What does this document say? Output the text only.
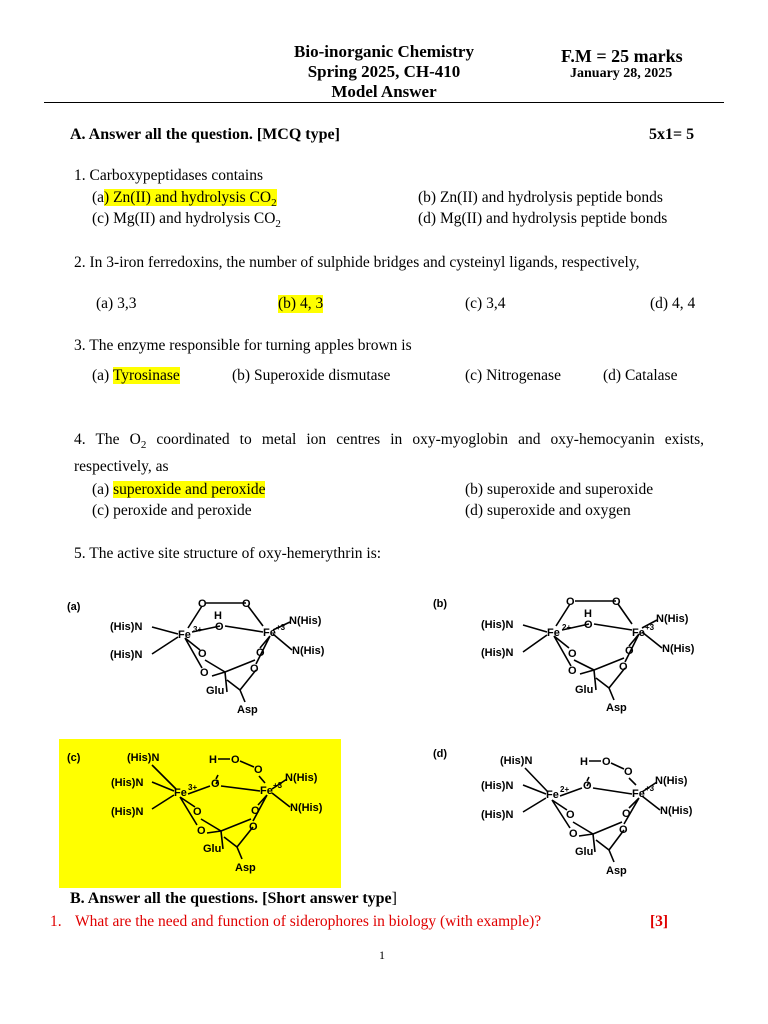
Bio-inorganic Chemistry
Spring 2025, CH-410
Model Answer
F.M = 25 marks
January 28, 2025
A. Answer all the question. [MCQ type]	5x1= 5
1. Carboxypeptidases contains
(a) Zn(II) and hydrolysis $CO_2$	(b) Zn(II) and hydrolysis peptide bonds
(c) Mg(II) and hydrolysis $CO_2$	(d) Mg(II) and hydrolysis peptide bonds
2. In 3-iron ferredoxins, the number of sulphide bridges and cysteinyl ligands, respectively,
(a) 3,3	(b) 4, 3	(c) 3,4	(d) 4, 4
3. The enzyme responsible for turning apples brown is
(a) Tyrosinase	(b) Superoxide dismutase	(c) Nitrogenase	(d) Catalase
4. The $O_2$ coordinated to metal ion centres in oxy-myoglobin and oxy-hemocyanin exists, respectively, as
(a) superoxide and peroxide	(b) superoxide and superoxide
(c) peroxide and peroxide	(d) superoxide and oxygen
5. The active site structure of oxy-hemerythrin is:
(a)
(His)N
(His)N
Fe 3+	Fe +3
O	O
H
O	N(His)
N(His)
O	O
O	O
Glu
Asp
(b)
(His)N
(His)N
Fe 2+	Fe +3
O	O
H
O	N(His)
N(His)
O	O
O	O
Glu
Asp
(c)	(His)N
(His)N
(His)N
Fe 3+	Fe +3
H O
O
O	N(His)
N(His)
O	O
O	O
Glu
Asp
(d)
(His)N
(His)N
(His)N
Fe 2+	Fe +3
H O
O
O	N(His)
N(His)
O	O
O	O
Glu
Asp
B. Answer all the questions. [Short answer type]
1. What are the need and function of siderophores in biology (with example)?	[3]
1
